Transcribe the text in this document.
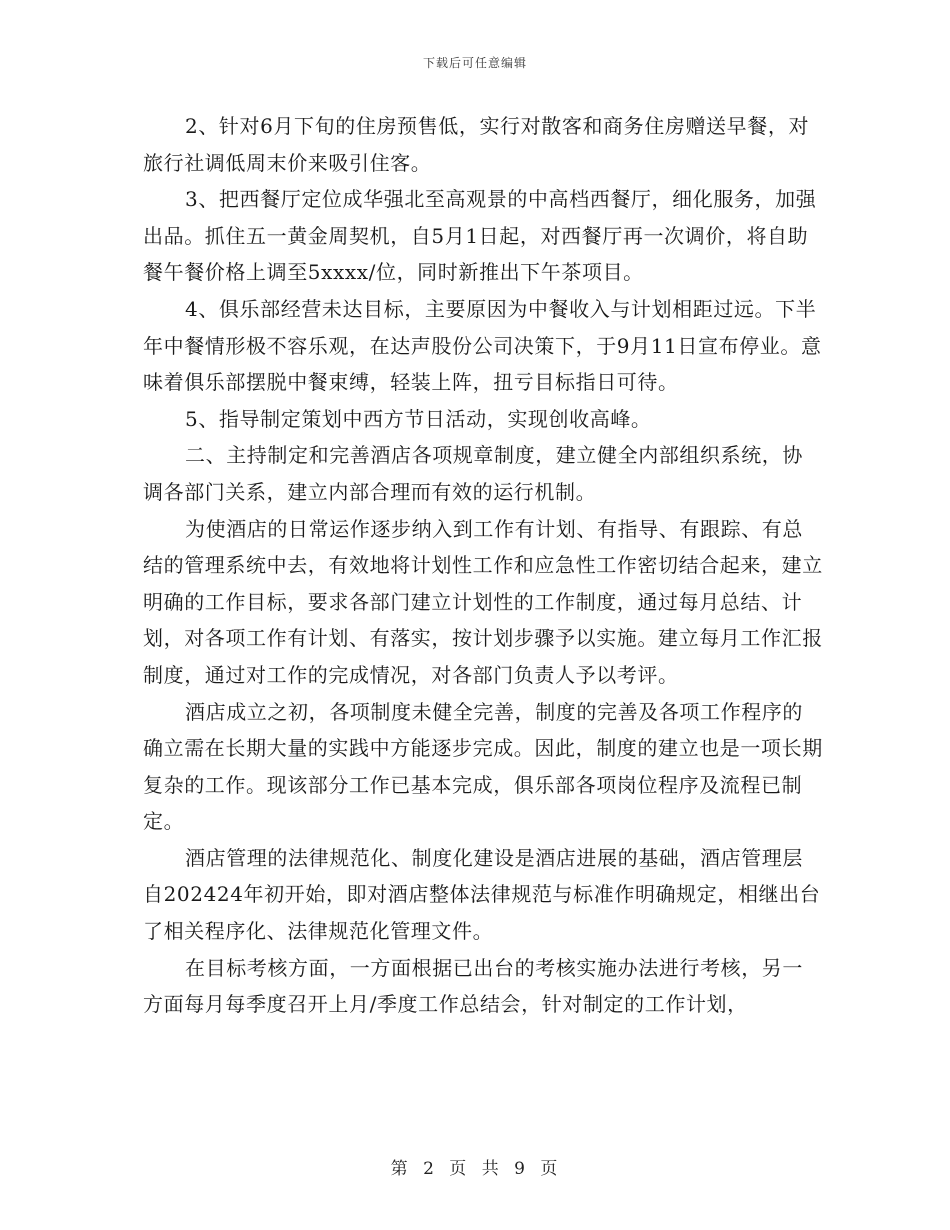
下载后可任意编辑

2、针对6月下旬的住房预售低，实行对散客和商务住房赠送早餐，对旅行社调低周末价来吸引住客。

3、把西餐厅定位成华强北至高观景的中高档西餐厅，细化服务，加强出品。抓住五一黄金周契机，自5月1日起，对西餐厅再一次调价，将自助餐午餐价格上调至5xxxx/位，同时新推出下午茶项目。

4、俱乐部经营未达目标，主要原因为中餐收入与计划相距过远。下半年中餐情形极不容乐观，在达声股份公司决策下，于9月11日宣布停业。意味着俱乐部摆脱中餐束缚，轻装上阵，扭亏目标指日可待。

5、指导制定策划中西方节日活动，实现创收高峰。

二、主持制定和完善酒店各项规章制度，建立健全内部组织系统，协调各部门关系，建立内部合理而有效的运行机制。

为使酒店的日常运作逐步纳入到工作有计划、有指导、有跟踪、有总结的管理系统中去，有效地将计划性工作和应急性工作密切结合起来，建立明确的工作目标，要求各部门建立计划性的工作制度，通过每月总结、计划，对各项工作有计划、有落实，按计划步骤予以实施。建立每月工作汇报制度，通过对工作的完成情况，对各部门负责人予以考评。

酒店成立之初，各项制度未健全完善，制度的完善及各项工作程序的确立需在长期大量的实践中方能逐步完成。因此，制度的建立也是一项长期复杂的工作。现该部分工作已基本完成，俱乐部各项岗位程序及流程已制定。

酒店管理的法律规范化、制度化建设是酒店进展的基础，酒店管理层自202424年初开始，即对酒店整体法律规范与标准作明确规定，相继出台了相关程序化、法律规范化管理文件。

在目标考核方面，一方面根据已出台的考核实施办法进行考核，另一方面每月每季度召开上月/季度工作总结会，针对制定的工作计划，

第 2 页 共 9 页
